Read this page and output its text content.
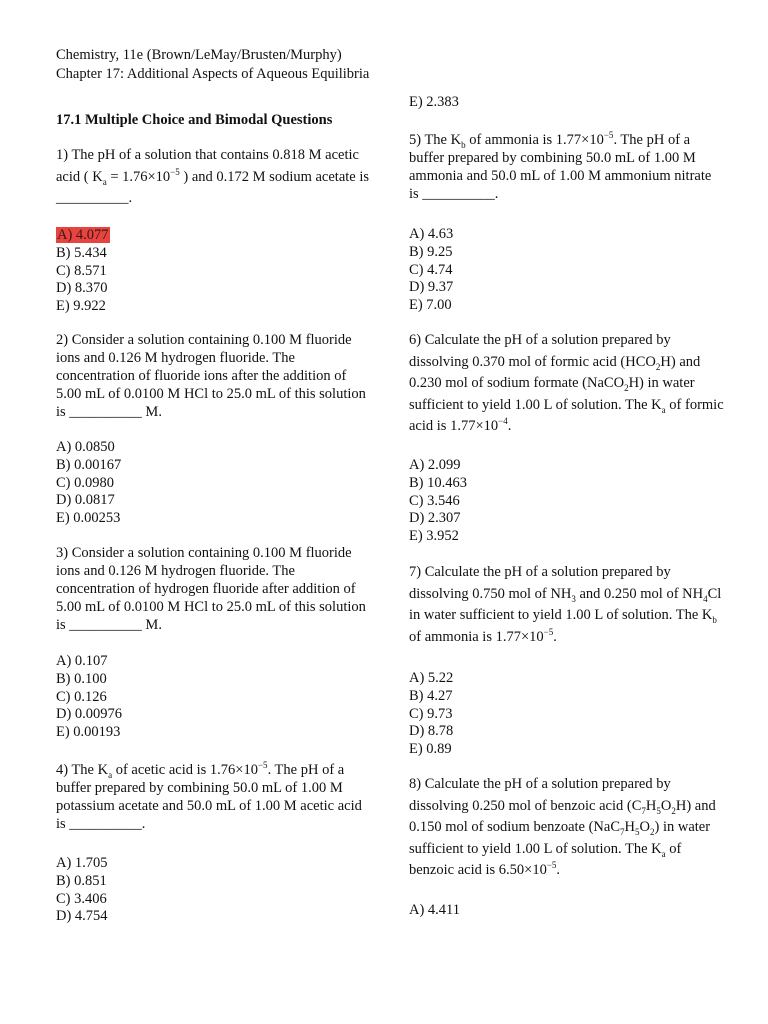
Chemistry, 11e (Brown/LeMay/Brusten/Murphy)
Chapter 17: Additional Aspects of Aqueous Equilibria
17.1 Multiple Choice and Bimodal Questions

1) The pH of a solution that contains 0.818 M acetic acid ( $K_a = 1.76\times 10^{-5}$ ) and 0.172 M sodium acetate is __________.

A) 4.077
B) 5.434
C) 8.571
D) 8.370
E) 9.922

2) Consider a solution containing 0.100 M fluoride ions and 0.126 M hydrogen fluoride. The concentration of fluoride ions after the addition of 5.00 mL of 0.0100 M HCl to 25.0 mL of this solution is __________ M.

A) 0.0850
B) 0.00167
C) 0.0980
D) 0.0817
E) 0.00253

3) Consider a solution containing 0.100 M fluoride ions and 0.126 M hydrogen fluoride. The concentration of hydrogen fluoride after addition of 5.00 mL of 0.0100 M HCl to 25.0 mL of this solution is __________ M.

A) 0.107
B) 0.100
C) 0.126
D) 0.00976
E) 0.00193

4) The $K_a$ of acetic acid is $1.76\times 10^{-5}$. The pH of a buffer prepared by combining 50.0 mL of 1.00 M potassium acetate and 50.0 mL of 1.00 M acetic acid is __________.

A) 1.705
B) 0.851
C) 3.406
D) 4.754
E) 2.383

5) The $K_b$ of ammonia is $1.77\times 10^{-5}$. The pH of a buffer prepared by combining 50.0 mL of 1.00 M ammonia and 50.0 mL of 1.00 M ammonium nitrate is __________.

A) 4.63
B) 9.25
C) 4.74
D) 9.37
E) 7.00

6) Calculate the pH of a solution prepared by dissolving 0.370 mol of formic acid $(HCO_2H)$ and 0.230 mol of sodium formate (NaCO$_2$H) in water sufficient to yield 1.00 L of solution. The $K_a$ of formic acid is $1.77\times 10^{-4}$.

A) 2.099
B) 10.463
C) 3.546
D) 2.307
E) 3.952

7) Calculate the pH of a solution prepared by dissolving 0.750 mol of $NH_3$ and 0.250 mol of $NH_4Cl$ in water sufficient to yield 1.00 L of solution. The $K_b$ of ammonia is $1.77\times 10^{-5}$.

A) 5.22
B) 4.27
C) 9.73
D) 8.78
E) 0.89

8) Calculate the pH of a solution prepared by dissolving 0.250 mol of benzoic acid $(C_7H_5O_2H)$ and 0.150 mol of sodium benzoate $(NaC_7H_5O_2)$ in water sufficient to yield 1.00 L of solution. The $K_a$ of benzoic acid is $6.50\times 10^{-5}$.

A) 4.411
